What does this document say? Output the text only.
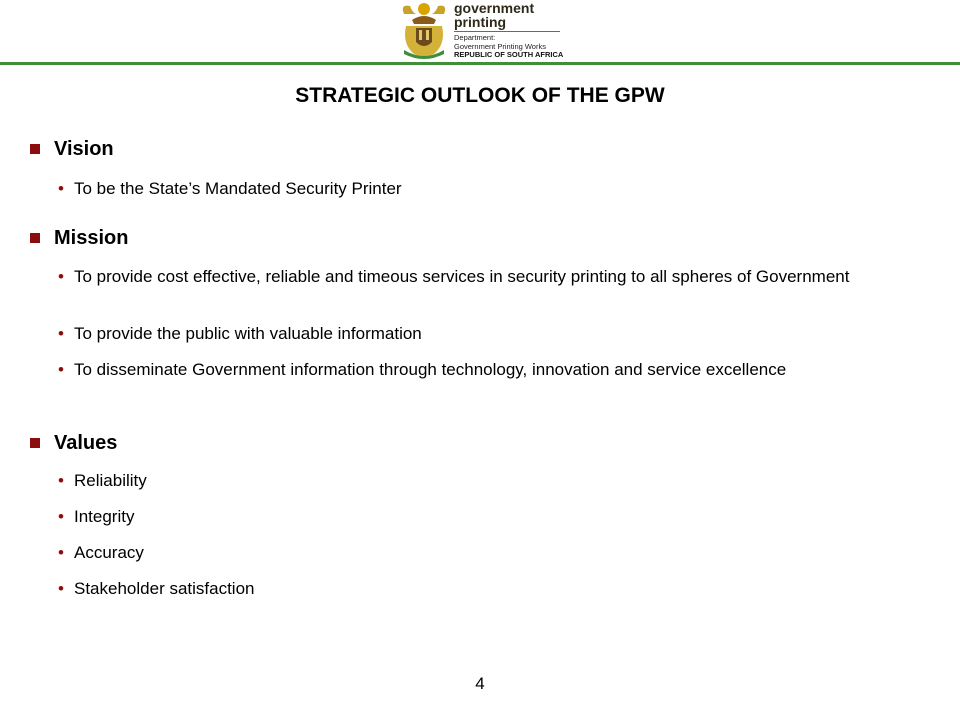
government
printing
Department:
Government Printing Works
REPUBLIC OF SOUTH AFRICA
STRATEGIC OUTLOOK OF THE GPW
Vision
• To be the State’s Mandated Security Printer
Mission
• To provide cost effective, reliable and timeous services in security printing to all spheres of Government
• To provide the public with valuable information
• To disseminate Government information through technology, innovation and service excellence
Values
• Reliability
• Integrity
• Accuracy
• Stakeholder satisfaction
4
